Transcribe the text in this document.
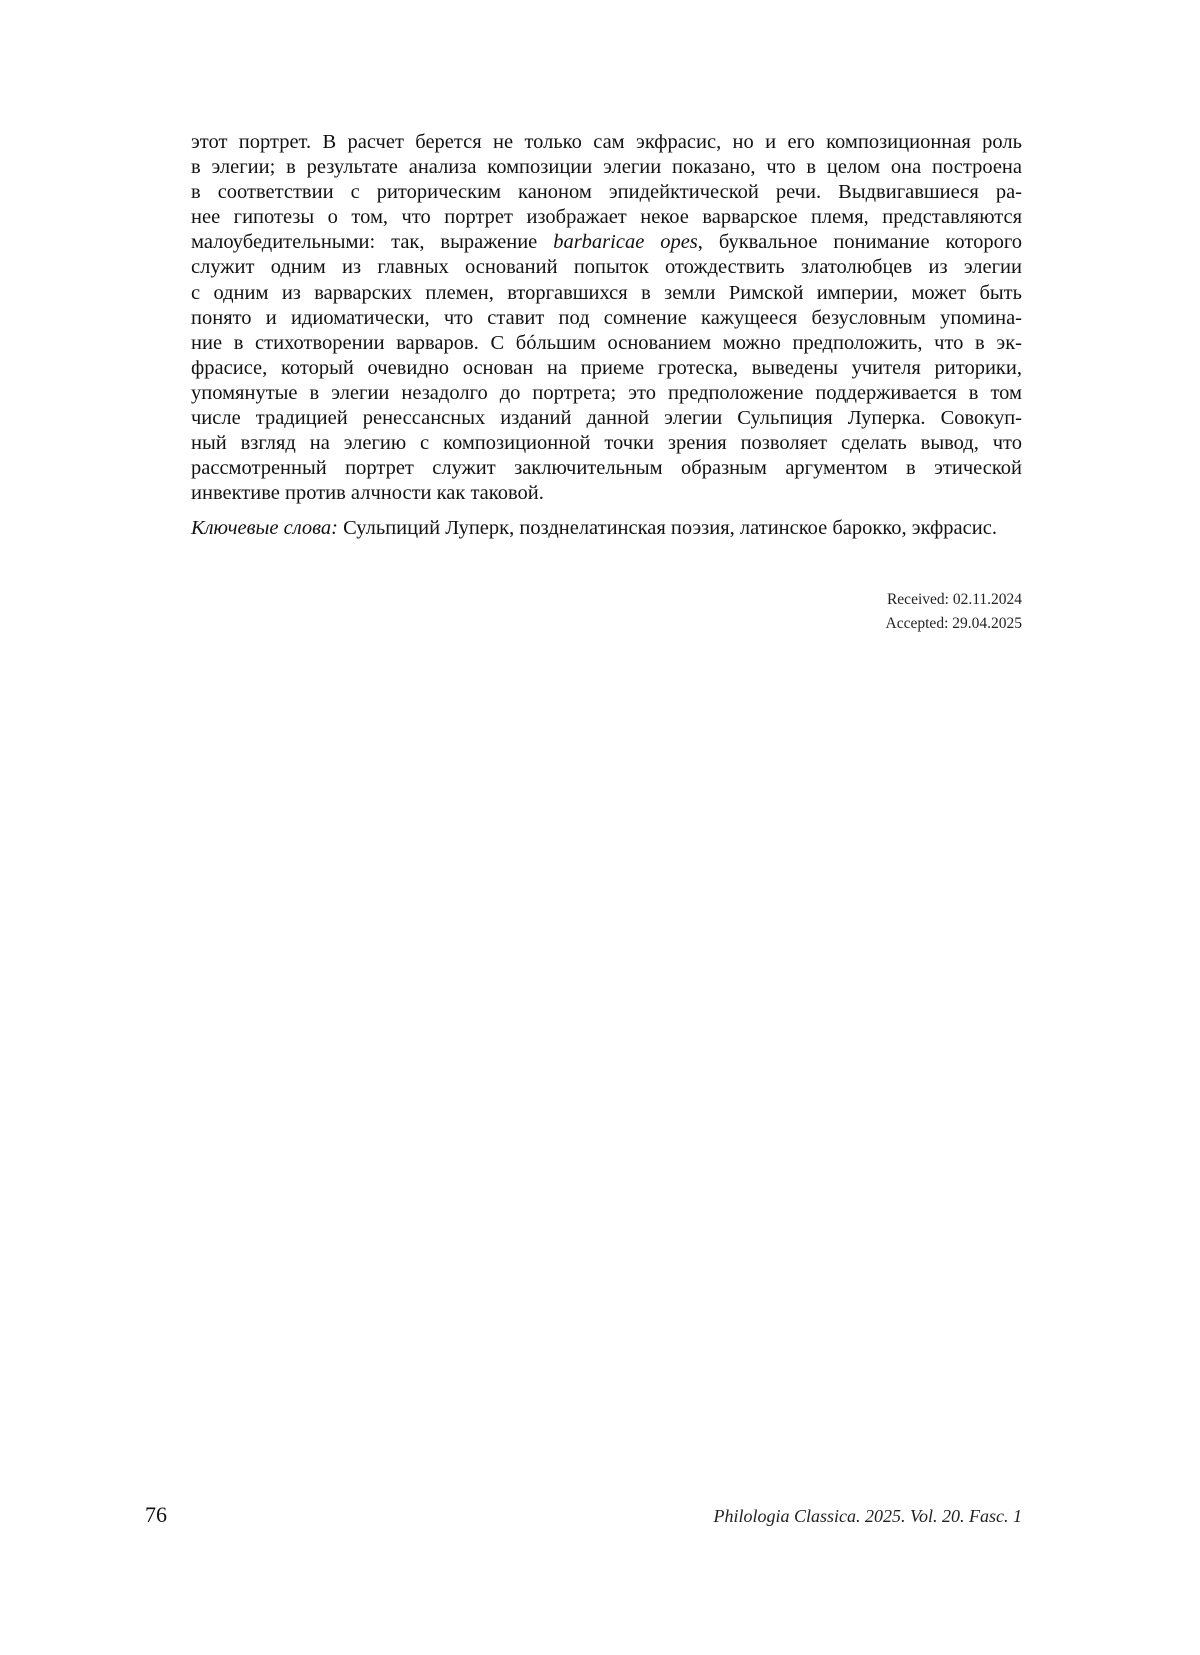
этот портрет. В расчет берется не только сам экфрасис, но и его композиционная роль
в элегии; в результате анализа композиции элегии показано, что в целом она построена
в соответствии с риторическим каноном эпидейктической речи. Выдвигавшиеся ра-
нее гипотезы о том, что портрет изображает некое варварское племя, представляются
малоубедительными: так, выражение barbaricae opes, буквальное понимание которого
служит одним из главных оснований попыток отождествить златолюбцев из элегии
с одним из варварских племен, вторгавшихся в земли Римской империи, может быть
понято и идиоматически, что ставит под сомнение кажущееся безусловным упомина-
ние в стихотворении варваров. С бóльшим основанием можно предположить, что в эк-
фрасисе, который очевидно основан на приеме гротеска, выведены учителя риторики,
упомянутые в элегии незадолго до портрета; это предположение поддерживается в том
числе традицией ренессансных изданий данной элегии Сульпиция Луперка. Совокуп-
ный взгляд на элегию с композиционной точки зрения позволяет сделать вывод, что
рассмотренный портрет служит заключительным образным аргументом в этической
инвективе против алчности как таковой.

Ключевые слова: Сульпиций Луперк, позднелатинская поэзия, латинское барокко, экфрасис.

Received: 02.11.2024
Accepted: 29.04.2025
76	Philologia Classica. 2025. Vol. 20. Fasc. 1
